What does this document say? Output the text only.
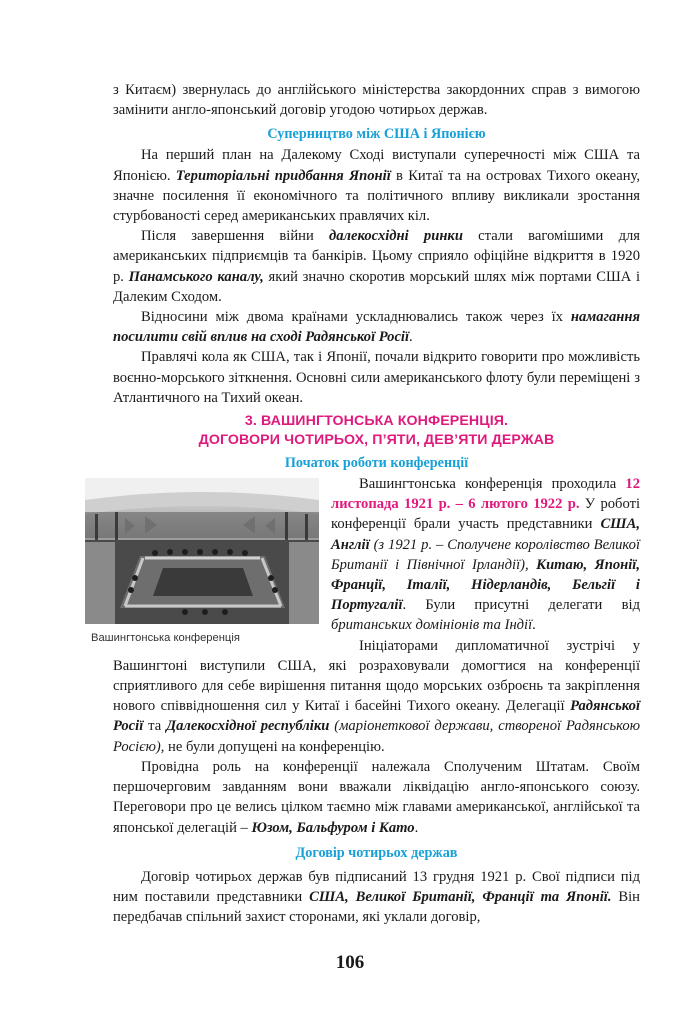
з Китаєм) звернулась до англійського міністерства закордонних справ з вимогою замінити англо-японський договір угодою чотирьох держав.

Суперництво між США і Японією

На перший план на Далекому Сході виступали суперечності між США та Японією. Територіальні придбання Японії в Китаї та на островах Тихого океану, значне посилення її економічного та політичного впливу викликали зростання стурбованості серед американських правлячих кіл.

Після завершення війни далекосхідні ринки стали вагомішими для американських підприємців та банкірів. Цьому сприяло офіційне відкриття в 1920 р. Панамського каналу, який значно скоротив морський шлях між портами США і Далеким Сходом.

Відносини між двома країнами ускладнювались також через їх намагання посилити свій вплив на сході Радянської Росії.

Правлячі кола як США, так і Японії, почали відкрито говорити про можливість воєнно-морського зіткнення. Основні сили американського флоту були переміщені з Атлантичного на Тихий океан.

3. ВАШИНГТОНСЬКА КОНФЕРЕНЦІЯ.
ДОГОВОРИ ЧОТИРЬОХ, П’ЯТИ, ДЕВ’ЯТИ ДЕРЖАВ
Початок роботи конференції
Вашингтонська конференція

Вашингтонська конференція проходила 12 листопада 1921 р. – 6 лютого 1922 р. У роботі конференції брали участь представники США, Англії (з 1921 р. – Сполучене королівство Великої Британії і Північної Ірландії), Китаю, Японії, Франції, Італії, Нідерландів, Бельгії і Португалії. Були присутні делегати від британських домініонів та Індії.

Ініціаторами дипломатичної зустрічі у Вашингтоні виступили США, які розраховували домогтися на конференції сприятливого для себе вирішення питання щодо морських озброєнь та закріплення нового співвідношення сил у Китаї і басейні Тихого океану. Делегації Радянської Росії та Далекосхідної республіки (маріонеткової держави, створеної Радянською Росією), не були допущені на конференцію.

Провідна роль на конференції належала Сполученим Штатам. Своїм першочерговим завданням вони вважали ліквідацію англо-японського союзу. Переговори про це велись цілком таємно між главами американської, англійської та японської делегацій – Юзом, Бальфуром і Като.

Договір чотирьох держав

Договір чотирьох держав був підписаний 13 грудня 1921 р. Свої підписи під ним поставили представники США, Великої Британії, Франції та Японії. Він передбачав спільний захист сторонами, які уклали договір,

106
